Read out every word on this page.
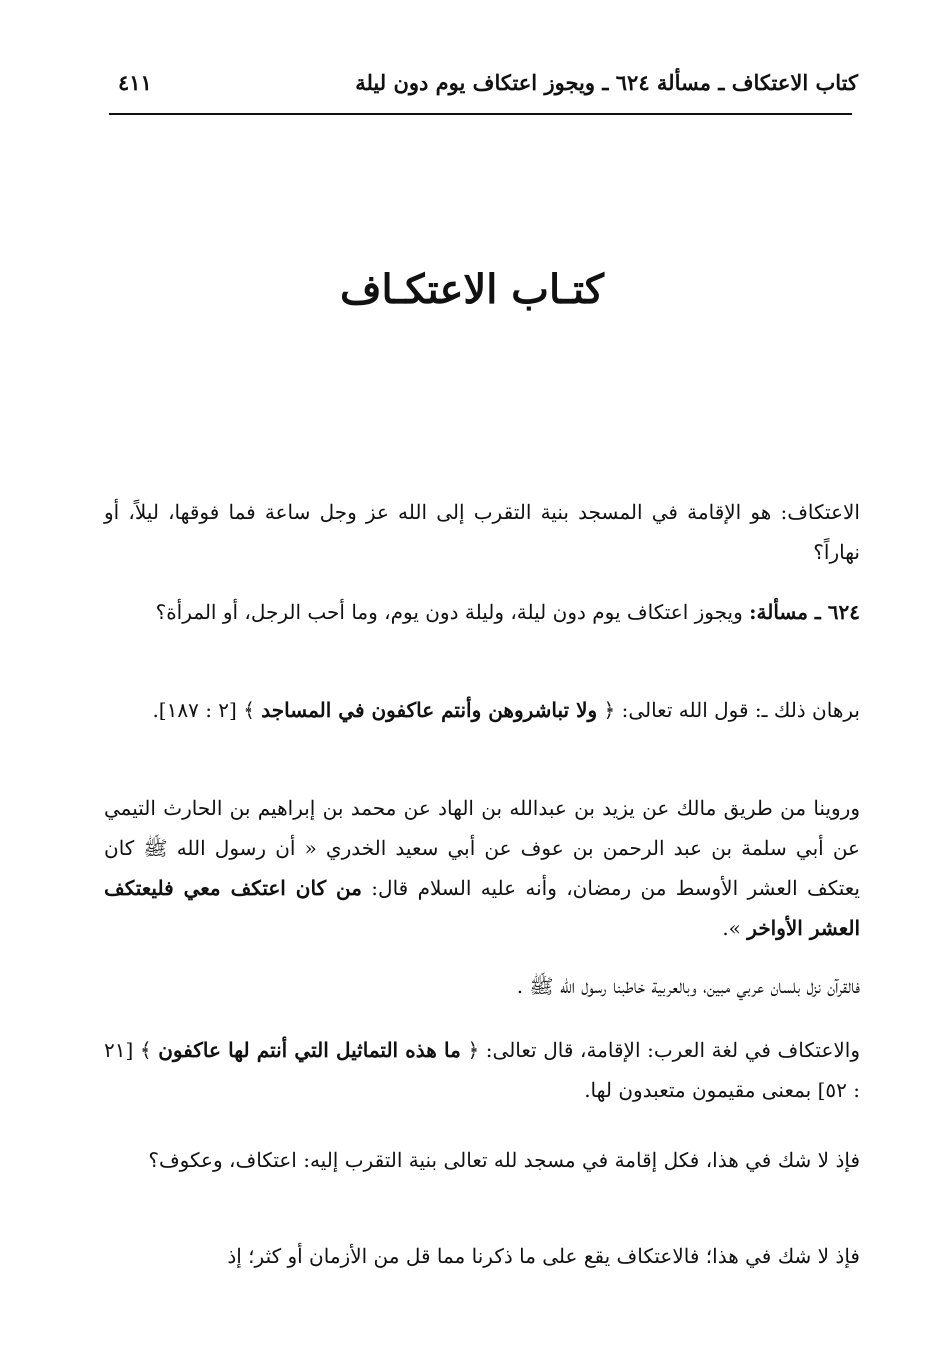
كتاب الاعتكاف ـ مسألة ٦٢٤ ـ ويجوز اعتكاف يوم دون ليلة
٤١١
كتـاب الاعتكـاف

الاعتكاف: هو الإقامة في المسجد بنية التقرب إلى الله عز وجل ساعة فما فوقها، ليلاً، أو نهاراً؟

٦٢٤ ـ مسألة: ويجوز اعتكاف يوم دون ليلة، وليلة دون يوم، وما أحب الرجل، أو المرأة؟

برهان ذلك ـ: قول الله تعالى: ﴿ ولا تباشروهن وأنتم عاكفون في المساجد ﴾ [٢ : ١٨٧].

وروينا من طريق مالك عن يزيد بن عبدالله بن الهاد عن محمد بن إبراهيم بن الحارث التيمي عن أبي سلمة بن عبد الرحمن بن عوف عن أبي سعيد الخدري « أن رسول الله ﷺ كان يعتكف العشر الأوسط من رمضان، وأنه عليه السلام قال: من كان اعتكف معي فليعتكف العشر الأواخر ».

فالقرآن نزل بلسان عربي مبين، وبالعربية خاطبنا رسول الله ﷺ .

والاعتكاف في لغة العرب: الإقامة، قال تعالى: ﴿ ما هذه التماثيل التي أنتم لها عاكفون ﴾ [٢١ : ٥٢] بمعنى مقيمون متعبدون لها.

فإذ لا شك في هذا، فكل إقامة في مسجد لله تعالى بنية التقرب إليه: اعتكاف، وعكوف؟

فإذ لا شك في هذا؛ فالاعتكاف يقع على ما ذكرنا مما قل من الأزمان أو كثر؛ إذ
